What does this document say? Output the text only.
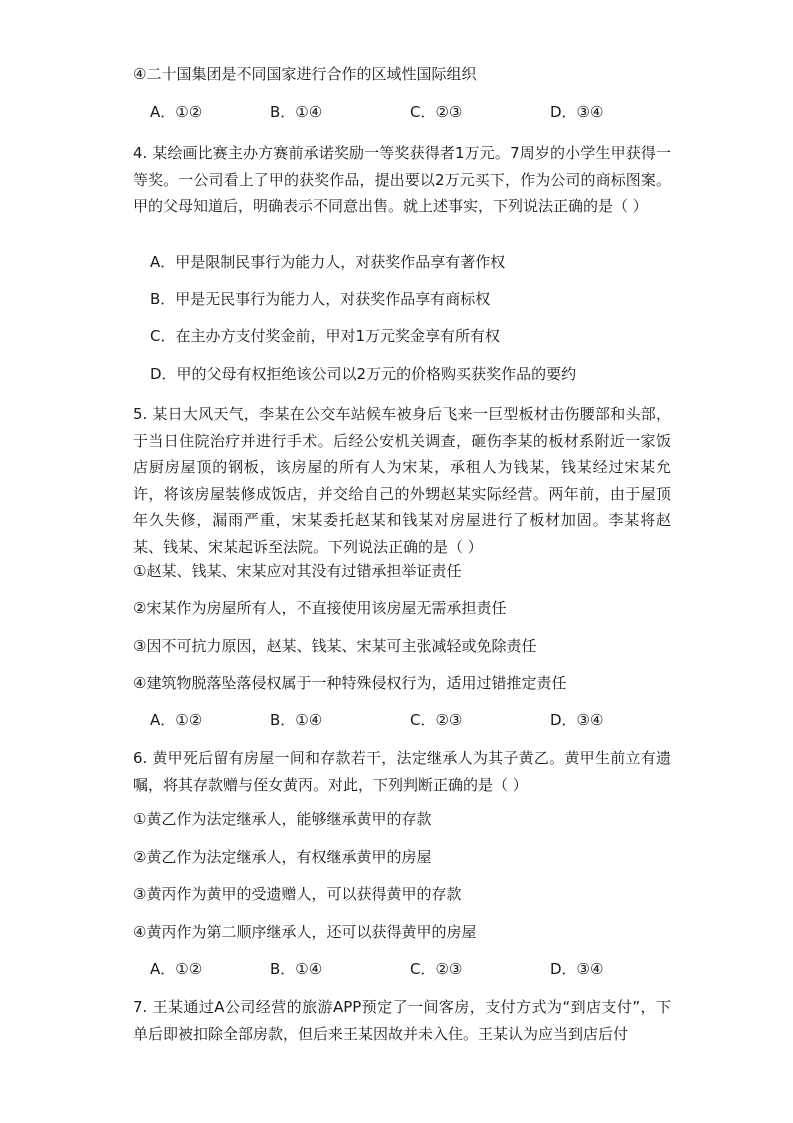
④二十国集团是不同国家进行合作的区域性国际组织
A．①②	B．①④	C．②③	D．③④
4. 某绘画比赛主办方赛前承诺奖励一等奖获得者1万元。7周岁的小学生甲获得一等奖。一公司看上了甲的获奖作品，提出要以2万元买下，作为公司的商标图案。甲的父母知道后，明确表示不同意出售。就上述事实，下列说法正确的是（ ）
A．甲是限制民事行为能力人，对获奖作品享有著作权
B．甲是无民事行为能力人，对获奖作品享有商标权
C．在主办方支付奖金前，甲对1万元奖金享有所有权
D．甲的父母有权拒绝该公司以2万元的价格购买获奖作品的要约
5. 某日大风天气，李某在公交车站候车被身后飞来一巨型板材击伤腰部和头部，于当日住院治疗并进行手术。后经公安机关调查，砸伤李某的板材系附近一家饭店厨房屋顶的钢板，该房屋的所有人为宋某，承租人为钱某，钱某经过宋某允许，将该房屋装修成饭店，并交给自己的外甥赵某实际经营。两年前，由于屋顶年久失修，漏雨严重，宋某委托赵某和钱某对房屋进行了板材加固。李某将赵某、钱某、宋某起诉至法院。下列说法正确的是（ ）
①赵某、钱某、宋某应对其没有过错承担举证责任
②宋某作为房屋所有人，不直接使用该房屋无需承担责任
③因不可抗力原因，赵某、钱某、宋某可主张减轻或免除责任
④建筑物脱落坠落侵权属于一种特殊侵权行为，适用过错推定责任
A．①②	B．①④	C．②③	D．③④
6. 黄甲死后留有房屋一间和存款若干，法定继承人为其子黄乙。黄甲生前立有遗嘱，将其存款赠与侄女黄丙。对此，下列判断正确的是（ ）
①黄乙作为法定继承人，能够继承黄甲的存款
②黄乙作为法定继承人，有权继承黄甲的房屋
③黄丙作为黄甲的受遗赠人，可以获得黄甲的存款
④黄丙作为第二顺序继承人，还可以获得黄甲的房屋
A．①②	B．①④	C．②③	D．③④
7. 王某通过A公司经营的旅游APP预定了一间客房，支付方式为“到店支付”，下单后即被扣除全部房款，但后来王某因故并未入住。王某认为应当到店后付
